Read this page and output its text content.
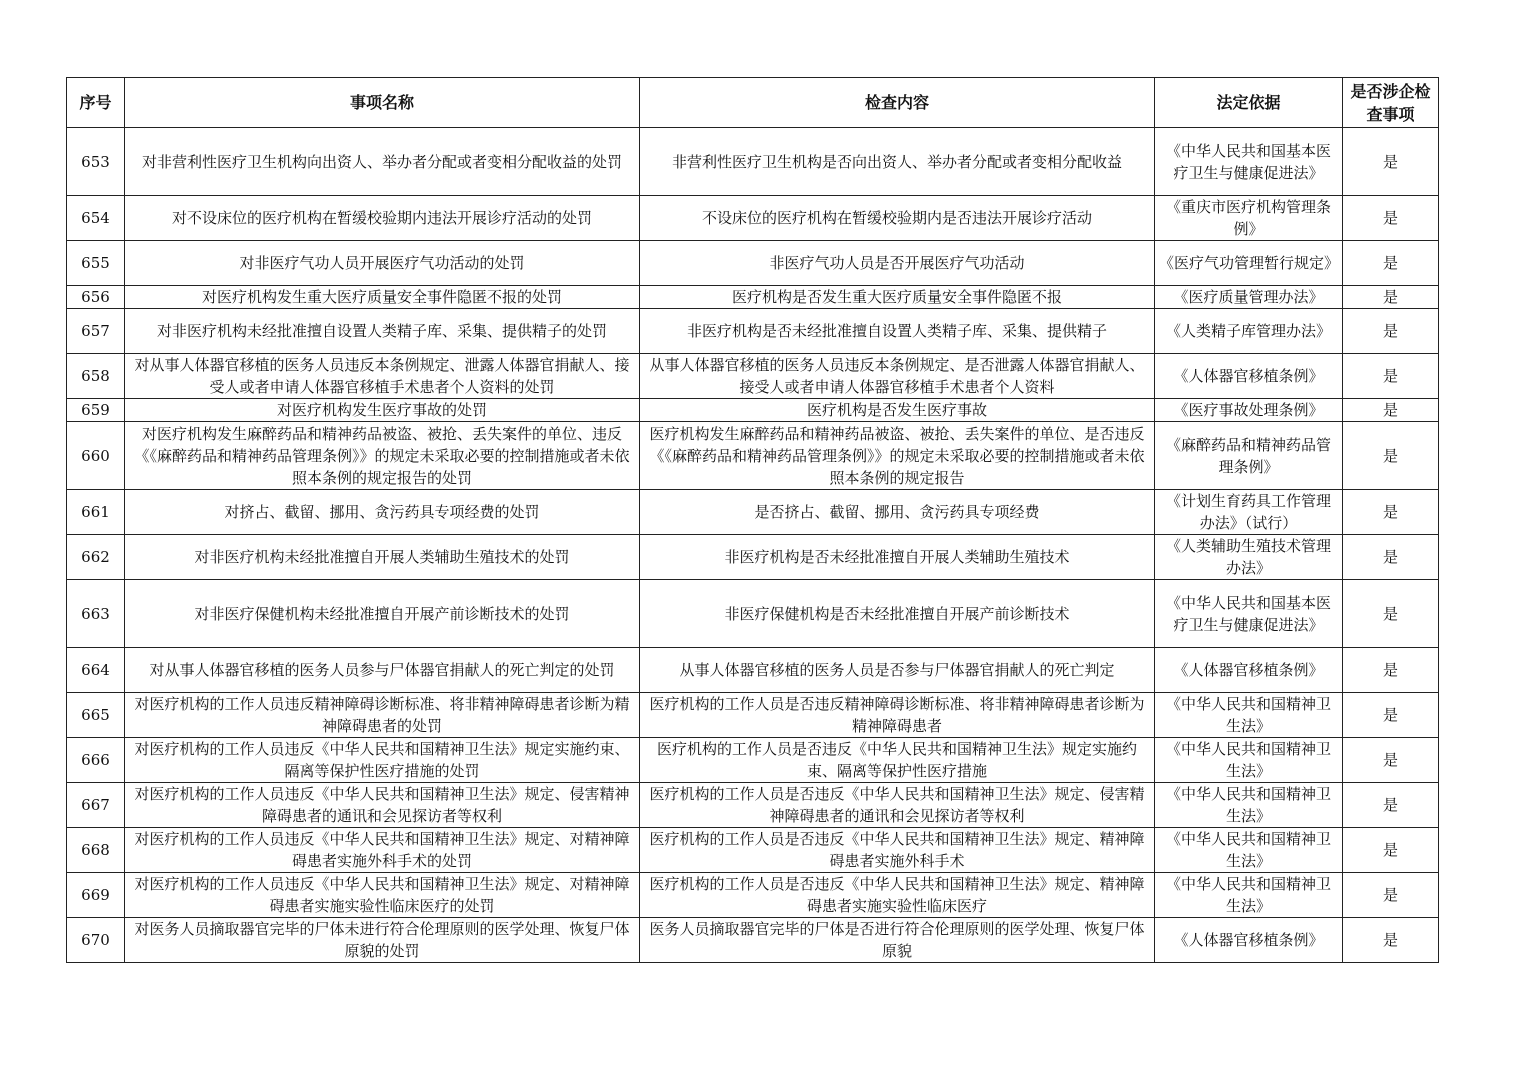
序号	事项名称	检查内容	法定依据	是否涉企检查事项
653	对非营利性医疗卫生机构向出资人、举办者分配或者变相分配收益的处罚	非营利性医疗卫生机构是否向出资人、举办者分配或者变相分配收益	《中华人民共和国基本医疗卫生与健康促进法》	是
654	对不设床位的医疗机构在暂缓校验期内违法开展诊疗活动的处罚	不设床位的医疗机构在暂缓校验期内是否违法开展诊疗活动	《重庆市医疗机构管理条例》	是
655	对非医疗气功人员开展医疗气功活动的处罚	非医疗气功人员是否开展医疗气功活动	《医疗气功管理暂行规定》	是
656	对医疗机构发生重大医疗质量安全事件隐匿不报的处罚	医疗机构是否发生重大医疗质量安全事件隐匿不报	《医疗质量管理办法》	是
657	对非医疗机构未经批准擅自设置人类精子库、采集、提供精子的处罚	非医疗机构是否未经批准擅自设置人类精子库、采集、提供精子	《人类精子库管理办法》	是
658	对从事人体器官移植的医务人员违反本条例规定、泄露人体器官捐献人、接受人或者申请人体器官移植手术患者个人资料的处罚	从事人体器官移植的医务人员违反本条例规定、是否泄露人体器官捐献人、接受人或者申请人体器官移植手术患者个人资料	《人体器官移植条例》	是
659	对医疗机构发生医疗事故的处罚	医疗机构是否发生医疗事故	《医疗事故处理条例》	是
660	对医疗机构发生麻醉药品和精神药品被盗、被抢、丢失案件的单位、违反《《麻醉药品和精神药品管理条例》》的规定未采取必要的控制措施或者未依照本条例的规定报告的处罚	医疗机构发生麻醉药品和精神药品被盗、被抢、丢失案件的单位、是否违反《《麻醉药品和精神药品管理条例》》的规定未采取必要的控制措施或者未依照本条例的规定报告	《麻醉药品和精神药品管理条例》	是
661	对挤占、截留、挪用、贪污药具专项经费的处罚	是否挤占、截留、挪用、贪污药具专项经费	《计划生育药具工作管理办法》（试行）	是
662	对非医疗机构未经批准擅自开展人类辅助生殖技术的处罚	非医疗机构是否未经批准擅自开展人类辅助生殖技术	《人类辅助生殖技术管理办法》	是
663	对非医疗保健机构未经批准擅自开展产前诊断技术的处罚	非医疗保健机构是否未经批准擅自开展产前诊断技术	《中华人民共和国基本医疗卫生与健康促进法》	是
664	对从事人体器官移植的医务人员参与尸体器官捐献人的死亡判定的处罚	从事人体器官移植的医务人员是否参与尸体器官捐献人的死亡判定	《人体器官移植条例》	是
665	对医疗机构的工作人员违反精神障碍诊断标准、将非精神障碍患者诊断为精神障碍患者的处罚	医疗机构的工作人员是否违反精神障碍诊断标准、将非精神障碍患者诊断为精神障碍患者	《中华人民共和国精神卫生法》	是
666	对医疗机构的工作人员违反《中华人民共和国精神卫生法》规定实施约束、隔离等保护性医疗措施的处罚	医疗机构的工作人员是否违反《中华人民共和国精神卫生法》规定实施约束、隔离等保护性医疗措施	《中华人民共和国精神卫生法》	是
667	对医疗机构的工作人员违反《中华人民共和国精神卫生法》规定、侵害精神障碍患者的通讯和会见探访者等权利	医疗机构的工作人员是否违反《中华人民共和国精神卫生法》规定、侵害精神障碍患者的通讯和会见探访者等权利	《中华人民共和国精神卫生法》	是
668	对医疗机构的工作人员违反《中华人民共和国精神卫生法》规定、对精神障碍患者实施外科手术的处罚	医疗机构的工作人员是否违反《中华人民共和国精神卫生法》规定、精神障碍患者实施外科手术	《中华人民共和国精神卫生法》	是
669	对医疗机构的工作人员违反《中华人民共和国精神卫生法》规定、对精神障碍患者实施实验性临床医疗的处罚	医疗机构的工作人员是否违反《中华人民共和国精神卫生法》规定、精神障碍患者实施实验性临床医疗	《中华人民共和国精神卫生法》	是
670	对医务人员摘取器官完毕的尸体未进行符合伦理原则的医学处理、恢复尸体原貌的处罚	医务人员摘取器官完毕的尸体是否进行符合伦理原则的医学处理、恢复尸体原貌	《人体器官移植条例》	是
